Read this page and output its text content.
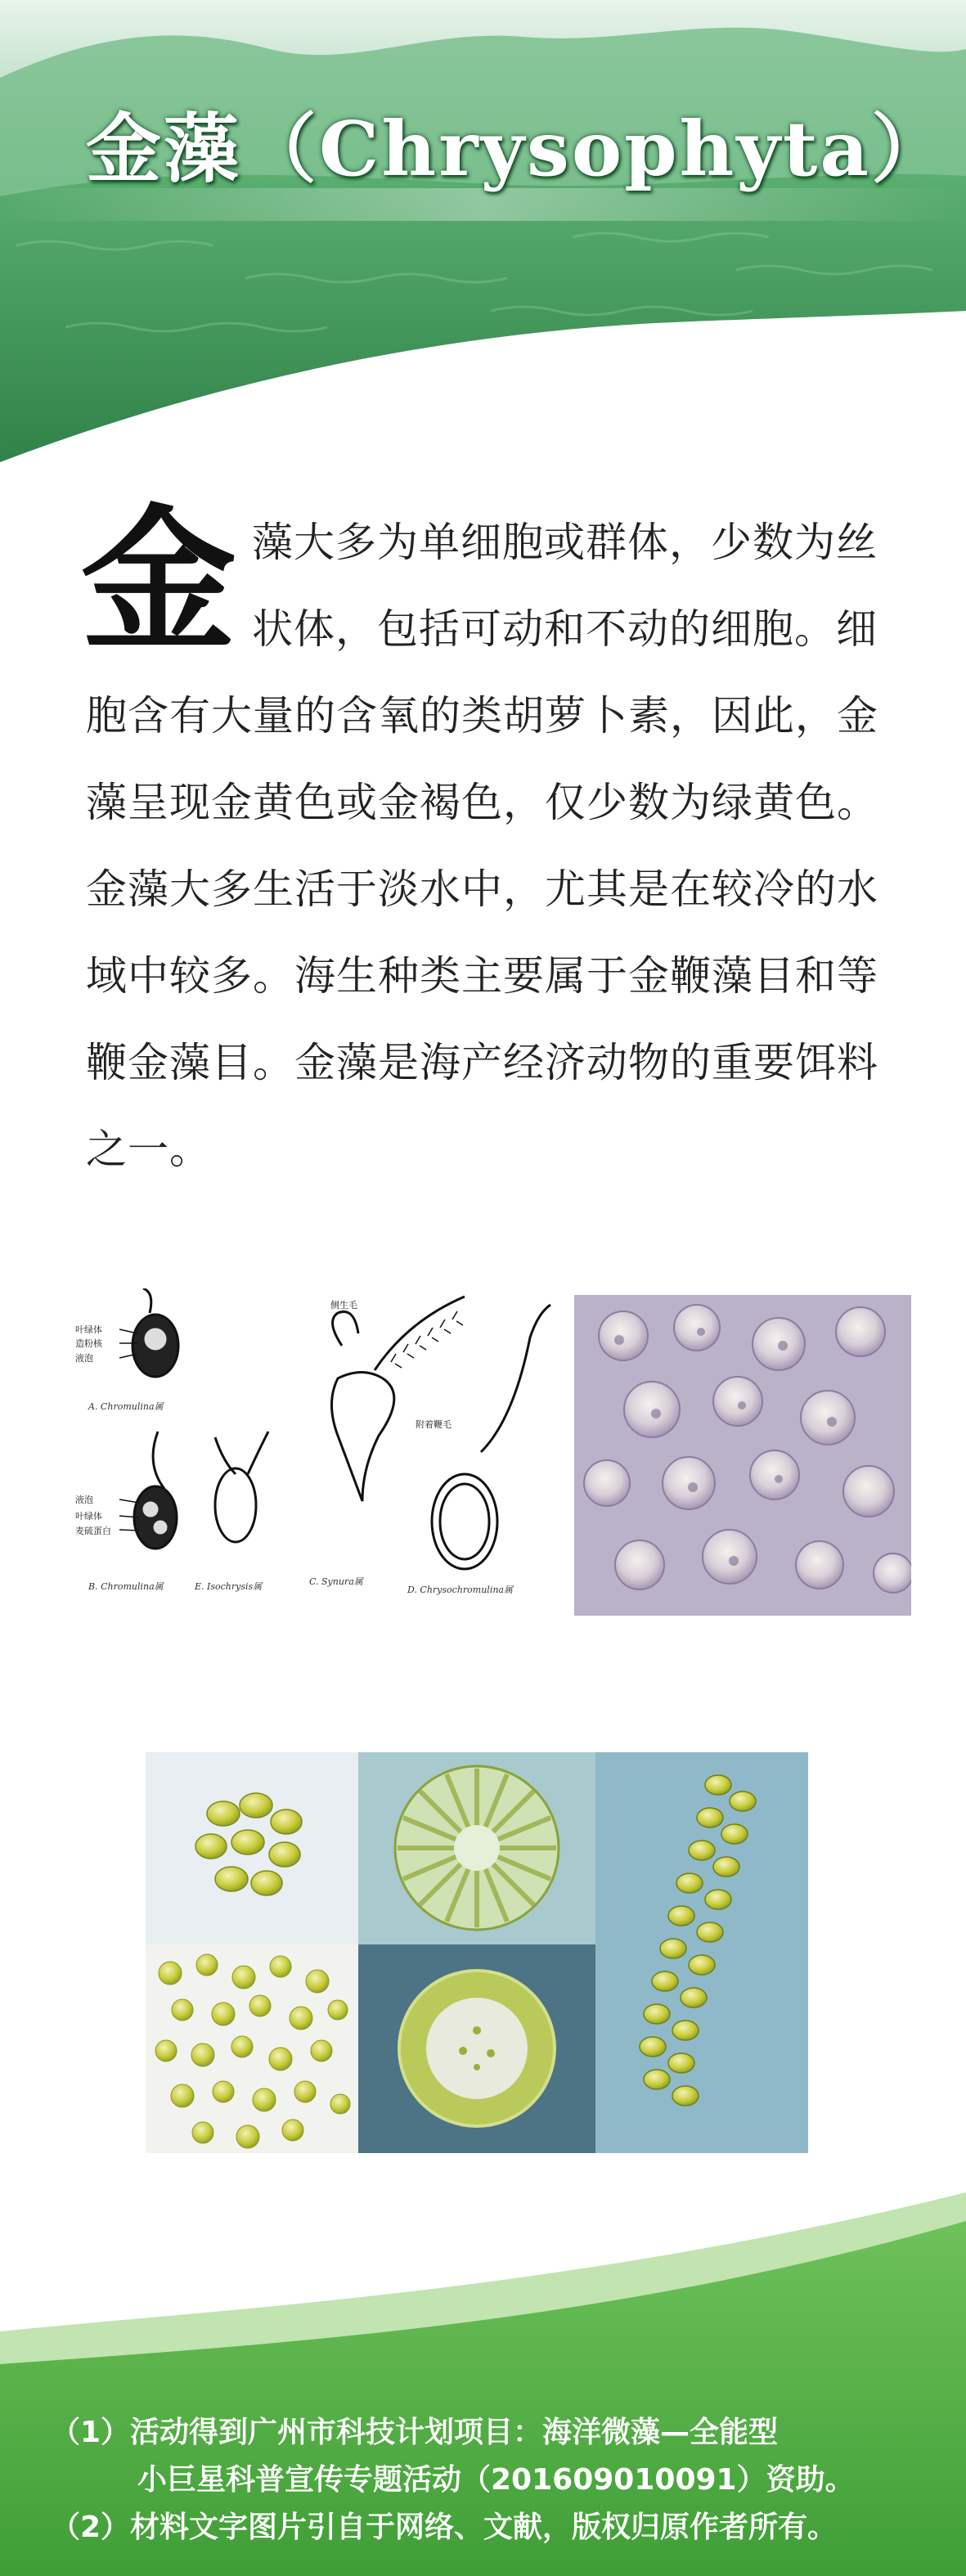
金藻（Chrysophyta）
金 藻大多为单细胞或群体，少数为丝状体，包括可动和不动的细胞。细胞含有大量的含氧的类胡萝卜素，因此，金藻呈现金黄色或金褐色，仅少数为绿黄色。金藻大多生活于淡水中，尤其是在较冷的水域中较多。海生种类主要属于金鞭藻目和等鞭金藻目。金藻是海产经济动物的重要饵料之一。
叶绿体
造粉核
液泡
液泡
叶绿体
麦硫蛋白
侧生毛
附着鞭毛
A. Chromulina属
B. Chromulina属	E. Isochrysis属	C. Synura属
D. Chrysochromulina属
（1）活动得到广州市科技计划项目：海洋微藻—全能型
小巨星科普宣传专题活动（20160901​0091）资助。
（2）材料文字图片引自于网络、文献，版权归原作者所有。
